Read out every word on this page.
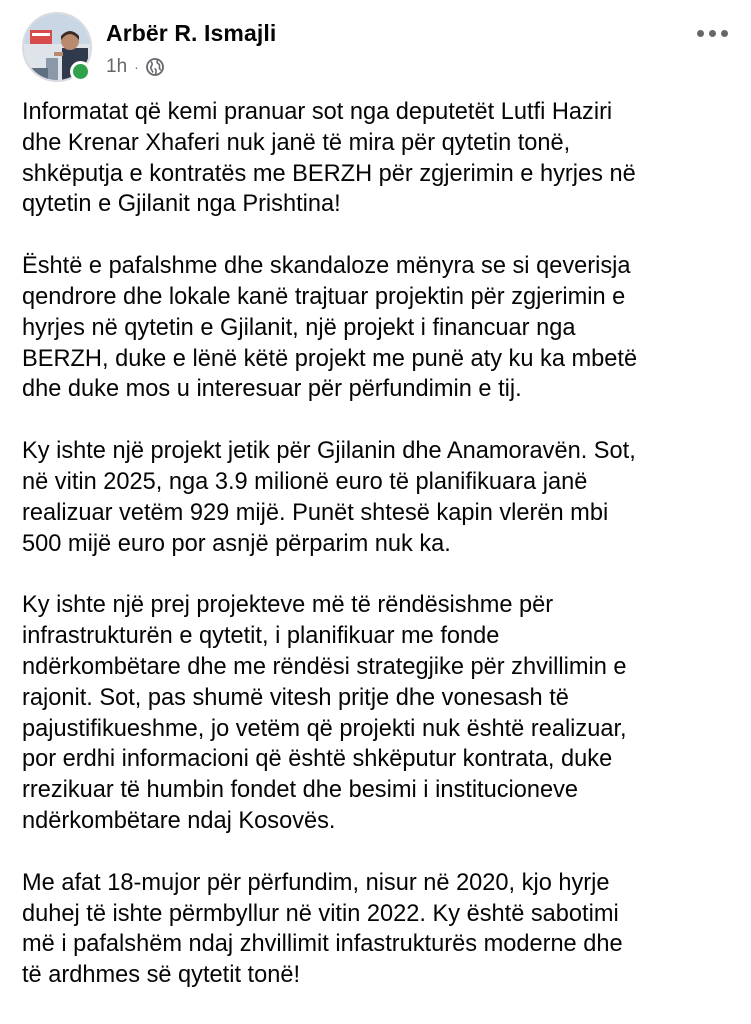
Arbër R. Ismajli
1h ·

Informatat që kemi pranuar sot nga deputetët Lutfi Haziri
dhe Krenar Xhaferi nuk janë të mira për qytetin tonë,
shkëputja e kontratës me BERZH për zgjerimin e hyrjes në
qytetin e Gjilanit nga Prishtina!

Është e pafalshme dhe skandaloze mënyra se si qeverisja
qendrore dhe lokale kanë trajtuar projektin për zgjerimin e
hyrjes në qytetin e Gjilanit, një projekt i financuar nga
BERZH, duke e lënë këtë projekt me punë aty ku ka mbetë
dhe duke mos u interesuar për përfundimin e tij.

Ky ishte një projekt jetik për Gjilanin dhe Anamoravën. Sot,
në vitin 2025, nga 3.9 milionë euro të planifikuara janë
realizuar vetëm 929 mijë. Punët shtesë kapin vlerën mbi
500 mijë euro por asnjë përparim nuk ka.

Ky ishte një prej projekteve më të rëndësishme për
infrastrukturën e qytetit, i planifikuar me fonde
ndërkombëtare dhe me rëndësi strategjike për zhvillimin e
rajonit. Sot, pas shumë vitesh pritje dhe vonesash të
pajustifikueshme, jo vetëm që projekti nuk është realizuar,
por erdhi informacioni që është shkëputur kontrata, duke
rrezikuar të humbin fondet dhe besimi i institucioneve
ndërkombëtare ndaj Kosovës.

Me afat 18-mujor për përfundim, nisur në 2020, kjo hyrje
duhej të ishte përmbyllur në vitin 2022. Ky është sabotimi
më i pafalshëm ndaj zhvillimit infastrukturës moderne dhe
të ardhmes së qytetit tonë!
